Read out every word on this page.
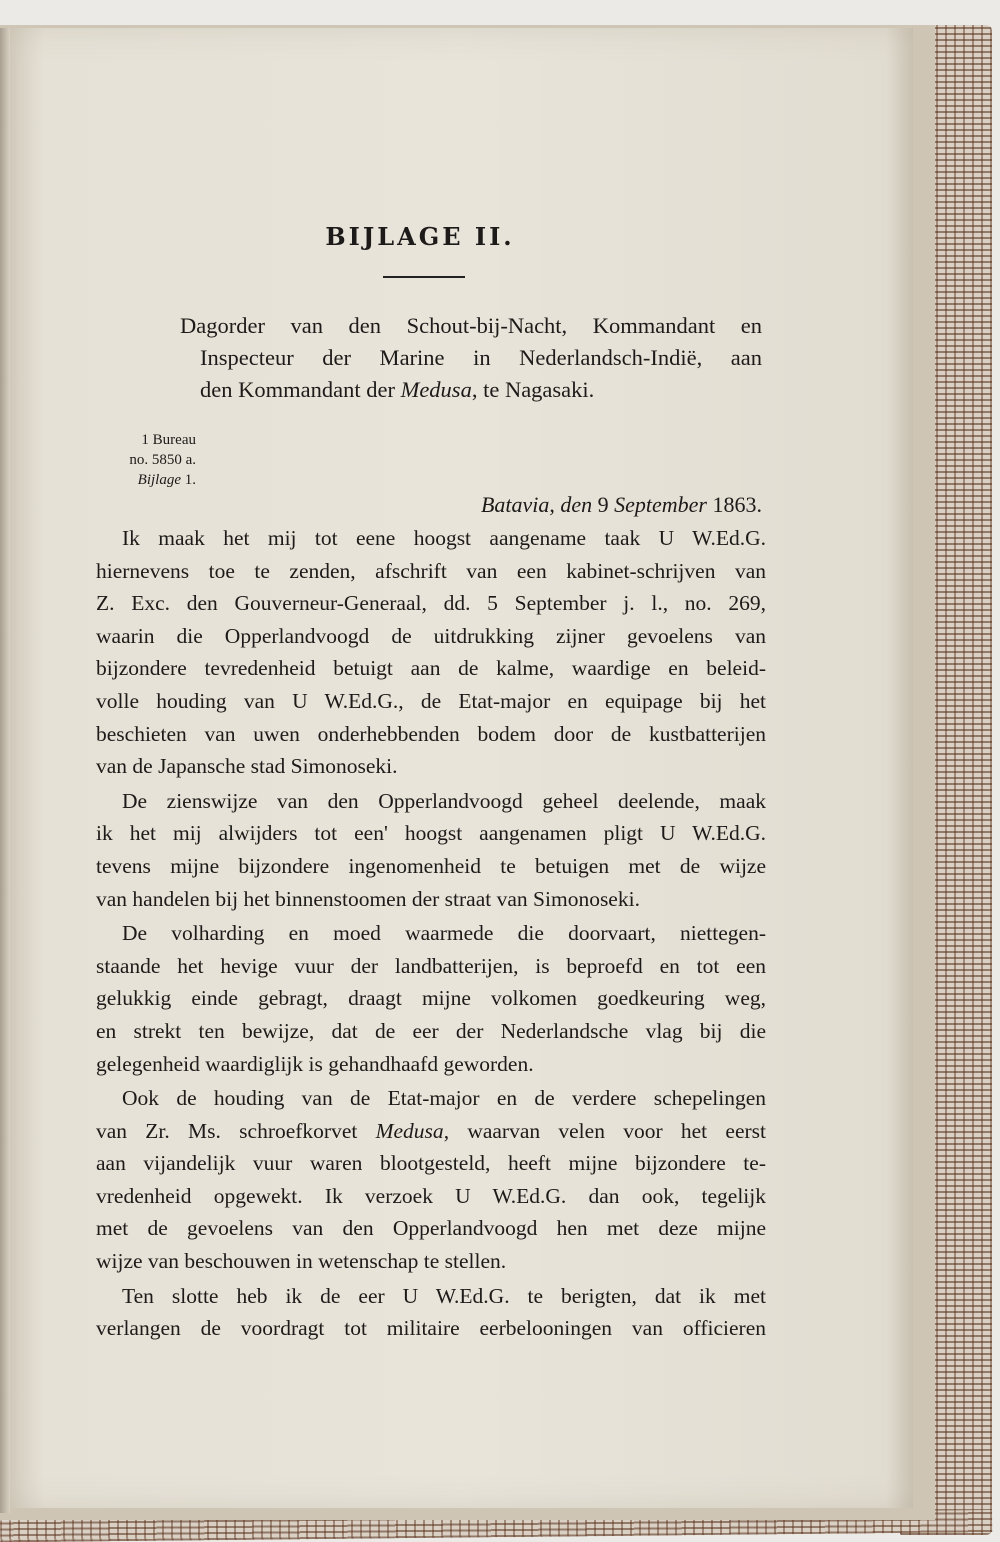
BIJLAGE II.
Dagorder van den Schout-bij-Nacht, Kommandant en
Inspecteur der Marine in Nederlandsch-Indië, aan
den Kommandant der Medusa, te Nagasaki.
1 Bureau
no. 5850 a.
Bijlage 1.
Batavia, den 9 September 1863.
Ik maak het mij tot eene hoogst aangename taak U W.Ed.G.
hiernevens toe te zenden, afschrift van een kabinet-schrijven van
Z. Exc. den Gouverneur-Generaal, dd. 5 September j. l., no. 269,
waarin die Opperlandvoogd de uitdrukking zijner gevoelens van
bijzondere tevredenheid betuigt aan de kalme, waardige en beleid-
volle houding van U W.Ed.G., de Etat-major en equipage bij het
beschieten van uwen onderhebbenden bodem door de kustbatterijen
van de Japansche stad Simonoseki.
De zienswijze van den Opperlandvoogd geheel deelende, maak
ik het mij alwijders tot een' hoogst aangenamen pligt U W.Ed.G.
tevens mijne bijzondere ingenomenheid te betuigen met de wijze
van handelen bij het binnenstoomen der straat van Simonoseki.
De volharding en moed waarmede die doorvaart, niettegen-
staande het hevige vuur der landbatterijen, is beproefd en tot een
gelukkig einde gebragt, draagt mijne volkomen goedkeuring weg,
en strekt ten bewijze, dat de eer der Nederlandsche vlag bij die
gelegenheid waardiglijk is gehandhaafd geworden.
Ook de houding van de Etat-major en de verdere schepelingen
van Zr. Ms. schroefkorvet Medusa, waarvan velen voor het eerst
aan vijandelijk vuur waren blootgesteld, heeft mijne bijzondere te-
vredenheid opgewekt. Ik verzoek U W.Ed.G. dan ook, tegelijk
met de gevoelens van den Opperlandvoogd hen met deze mijne
wijze van beschouwen in wetenschap te stellen.
Ten slotte heb ik de eer U W.Ed.G. te berigten, dat ik met
verlangen de voordragt tot militaire eerbelooningen van officieren
